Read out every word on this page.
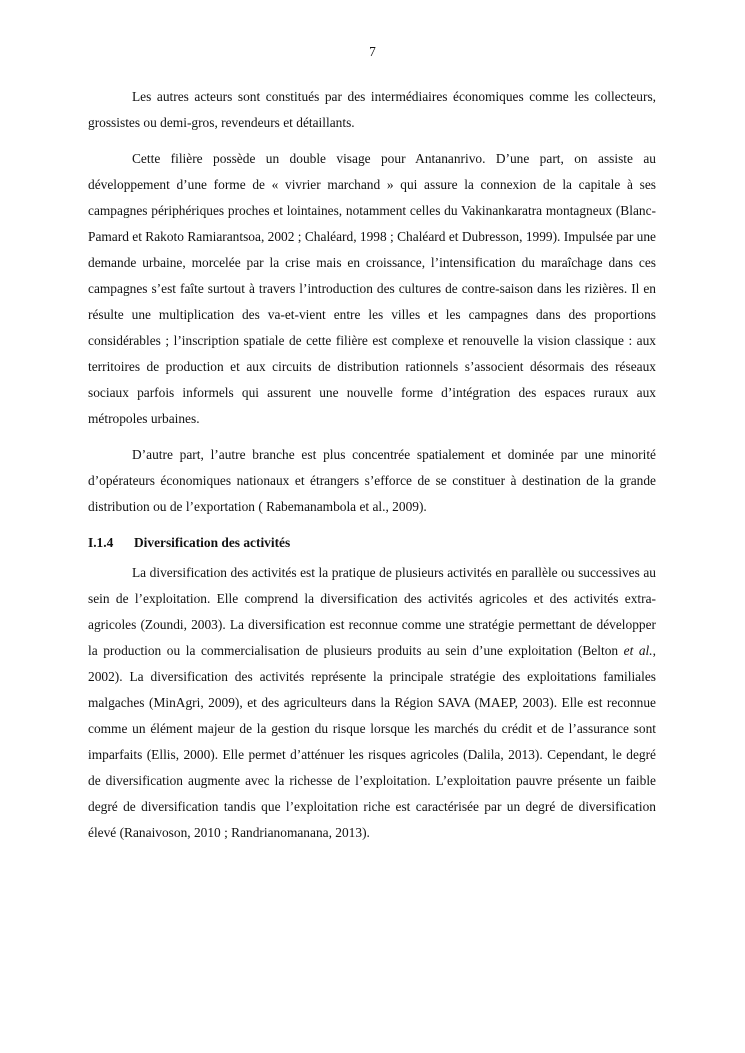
7

Les autres acteurs sont constitués par des intermédiaires économiques comme les collecteurs, grossistes ou demi-gros, revendeurs et détaillants.

Cette filière possède un double visage pour Antananrivo. D’une part, on assiste au développement d’une forme de « vivrier marchand » qui assure la connexion de la capitale à ses campagnes périphériques proches et lointaines, notamment celles du Vakinankaratra montagneux (Blanc-Pamard et Rakoto Ramiarantsoa, 2002 ; Chaléard, 1998 ; Chaléard et Dubresson, 1999). Impulsée par une demande urbaine, morcelée par la crise mais en croissance, l’intensification du maraîchage dans ces campagnes s’est faîte surtout à travers l’introduction des cultures de contre-saison dans les rizières. Il en résulte une multiplication des va-et-vient entre les villes et les campagnes dans des proportions considérables ; l’inscription spatiale de cette filière est complexe et renouvelle la vision classique : aux territoires de production et aux circuits de distribution rationnels s’associent désormais des réseaux sociaux parfois informels qui assurent une nouvelle forme d’intégration des espaces ruraux aux métropoles urbaines.

D’autre part, l’autre branche est plus concentrée spatialement et dominée par une minorité d’opérateurs économiques nationaux et étrangers s’efforce de se constituer à destination de la grande distribution ou de l’exportation ( Rabemanambola et al., 2009).

I.1.4 Diversification des activités

La diversification des activités est la pratique de plusieurs activités en parallèle ou successives au sein de l’exploitation. Elle comprend la diversification des activités agricoles et des activités extra-agricoles (Zoundi, 2003). La diversification est reconnue comme une stratégie permettant de développer la production ou la commercialisation de plusieurs produits au sein d’une exploitation (Belton et al., 2002). La diversification des activités représente la principale stratégie des exploitations familiales malgaches (MinAgri, 2009), et des agriculteurs dans la Région SAVA (MAEP, 2003). Elle est reconnue comme un élément majeur de la gestion du risque lorsque les marchés du crédit et de l’assurance sont imparfaits (Ellis, 2000). Elle permet d’atténuer les risques agricoles (Dalila, 2013). Cependant, le degré de diversification augmente avec la richesse de l’exploitation. L’exploitation pauvre présente un faible degré de diversification tandis que l’exploitation riche est caractérisée par un degré de diversification élevé (Ranaivoson, 2010 ; Randrianomanana, 2013).
